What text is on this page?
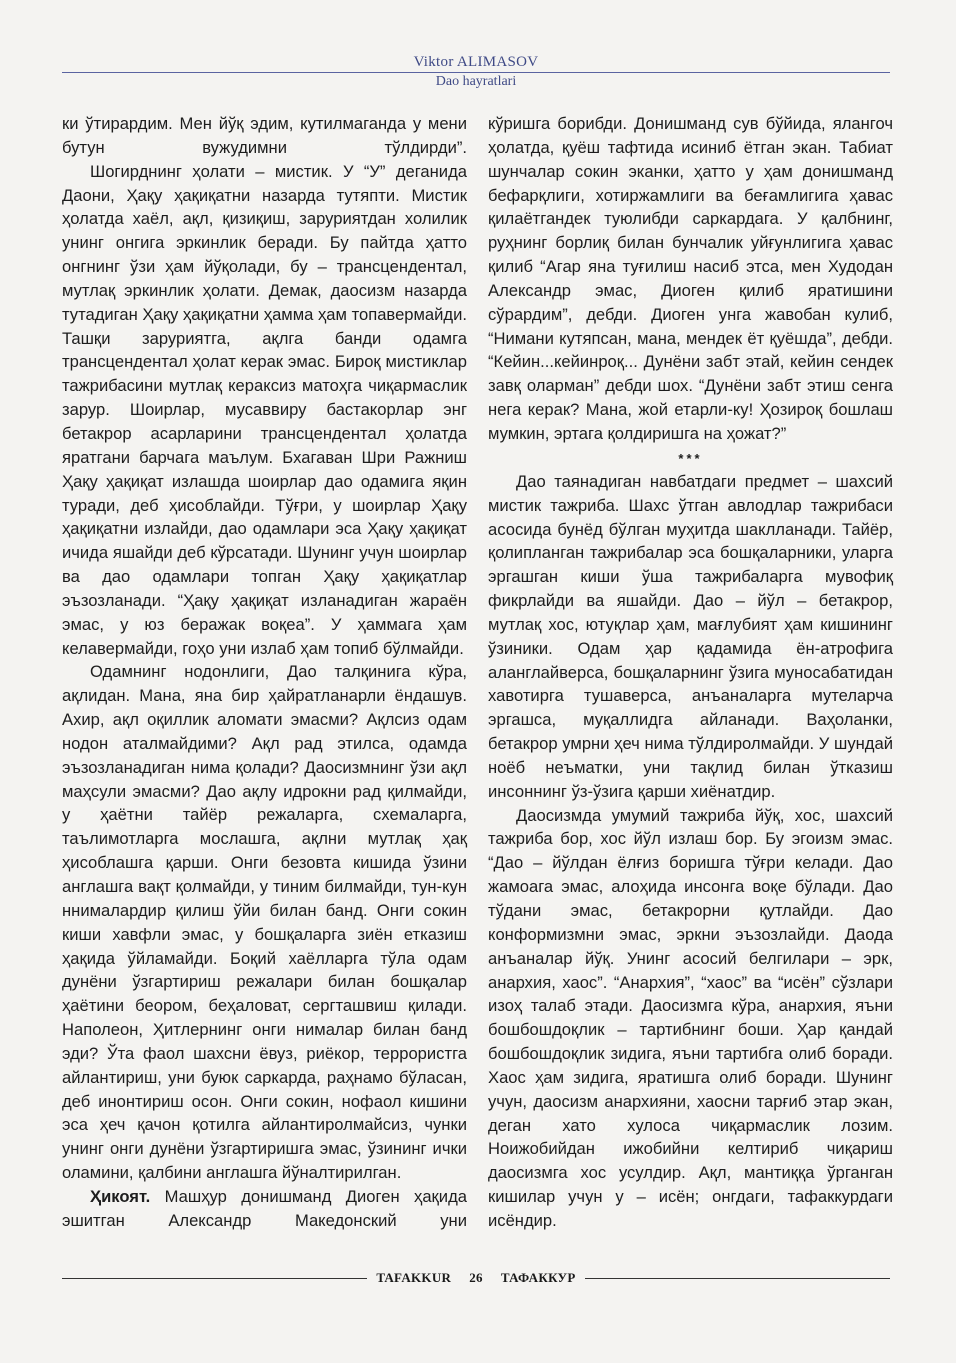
Viktor ALIMASOV
Dao hayratlari

ки ўтирардим. Мен йўқ эдим, кутилмаганда у мени бутун вужудимни тўлдирди”.

Шогирднинг ҳолати – мистик. У “У” деганида Даони, Ҳақу ҳақиқатни назарда тутяпти. Мистик ҳолатда хаёл, ақл, қизиқиш, заруриятдан холилик унинг онгига эркинлик беради. Бу пайтда ҳатто онгнинг ўзи ҳам йўқолади, бу – трансцендентал, мутлақ эркинлик ҳолати. Демак, даосизм назарда тутадиган Ҳақу ҳақиқатни ҳамма ҳам топавермайди. Ташқи заруриятга, ақлга банди одамга трансцендентал ҳолат керак эмас. Бироқ мистиклар тажрибасини мутлақ кераксиз матоҳга чиқармаслик зарур. Шоирлар, мусаввиру бастакорлар энг бетакрор асарларини трансцендентал ҳолатда яратгани барчага маълум. Бхагаван Шри Ражниш Ҳақу ҳақиқат излашда шоирлар дао одамига яқин туради, деб ҳисоблайди. Тўғри, у шоирлар Ҳақу ҳақиқатни излайди, дао одамлари эса Ҳақу ҳақиқат ичида яшайди деб кўрсатади. Шунинг учун шоирлар ва дао одамлари топган Ҳақу ҳақиқатлар эъзозланади. “Ҳақу ҳақиқат изланадиган жараён эмас, у юз беражак воқеа”. У ҳаммага ҳам келавермайди, гоҳо уни излаб ҳам топиб бўлмайди.

Одамнинг нодонлиги, Дао талқинига кўра, ақлидан. Мана, яна бир ҳайратланарли ёндашув. Ахир, ақл оқиллик аломати эмасми? Ақлсиз одам нодон аталмайдими? Ақл рад этилса, одамда эъзозланадиган нима қолади? Даосизмнинг ўзи ақл маҳсули эмасми? Дао ақлу идрокни рад қилмайди, у ҳаётни тайёр режаларга, схемаларга, таълимотларга мослашга, ақлни мутлақ ҳақ ҳисоблашга қарши. Онги безовта кишида ўзини англашга вақт қолмайди, у тиним билмайди, тун-кун ннималардир қилиш ўйи билан банд. Онги сокин киши хавфли эмас, у бошқаларга зиён етказиш ҳақида ўйламайди. Боқий хаёлларга тўла одам дунёни ўзгартириш режалари билан бошқалар ҳаётини беором, беҳаловат, сергташвиш қилади. Наполеон, Ҳитлернинг онги нималар билан банд эди? Ўта фаол шахсни ёвуз, риёкор, террористга айлантириш, уни буюк саркарда, раҳнамо бўласан, деб инонтириш осон. Онги сокин, нофаол кишини эса ҳеч қачон қотилга айлантиролмайсиз, чунки унинг онги дунёни ўзгартиришга эмас, ўзининг ички оламини, қалбини англашга йўналтирилган.

Ҳикоят. Машҳур донишманд Диоген ҳақида эшитган Александр Македонский уни

кўришга борибди. Донишманд сув бўйида, ялангоч ҳолатда, қуёш тафтида исиниб ётган экан. Табиат шунчалар сокин эканки, ҳатто у ҳам донишманд бефарқлиги, хотиржамлиги ва беғамлигига ҳавас қилаётгандек туюлибди саркардага. У қалбнинг, руҳнинг борлиқ билан бунчалик уйғунлигига ҳавас қилиб “Агар яна туғилиш насиб этса, мен Худодан Александр эмас, Диоген қилиб яратишини сўрардим”, дебди. Диоген унга жавобан кулиб, “Нимани кутяпсан, мана, мендек ёт қуёшда”, дебди. “Кейин...кейинроқ... Дунёни забт этай, кейин сендек завқ оларман” дебди шох. “Дунёни забт этиш сенга нега керак? Мана, жой етарли-ку! Ҳозироқ бошлаш мумкин, эртага қолдиришга на ҳожат?”

***

Дао таянадиган навбатдаги предмет – шахсий мистик тажриба. Шахс ўтган авлодлар тажрибаси асосида бунёд бўлган муҳитда шаклланади. Тайёр, қолипланган тажрибалар эса бошқаларники, уларга эргашган киши ўша тажрибаларга мувофиқ фикрлайди ва яшайди. Дао – йўл – бетакрор, мутлақ хос, ютуқлар ҳам, мағлубият ҳам кишининг ўзиники. Одам ҳар қадамида ён-атрофига аланглайверса, бошқаларнинг ўзига муносабатидан хавотирга тушаверса, анъаналарга мутеларча эргашса, муқаллидга айланади. Ваҳоланки, бетакрор умрни ҳеч нима тўлдиролмайди. У шундай ноёб неъматки, уни тақлид билан ўтказиш инсоннинг ўз-ўзига қарши хиёнатдир.

Даосизмда умумий тажриба йўқ, хос, шахсий тажриба бор, хос йўл излаш бор. Бу эгоизм эмас. “Дао – йўлдан ёлғиз боришга тўғри келади. Дао жамоага эмас, алоҳида инсонга воқе бўлади. Дао тўдани эмас, бетакрорни қутлайди. Дао конформизмни эмас, эркни эъзозлайди. Даода анъаналар йўқ. Унинг асосий белгилари – эрк, анархия, хаос”. “Анархия”, “хаос” ва “исён” сўзлари изоҳ талаб этади. Даосизмга кўра, анархия, яъни бошбошдоқлик – тартибнинг боши. Ҳар қандай бошбошдоқлик зидига, яъни тартибга олиб боради. Хаос ҳам зидига, яратишга олиб боради. Шунинг учун, даосизм анархияни, хаосни тарғиб этар экан, деган хато хулоса чиқармаслик лозим. Ноижобийдан ижобийни келтириб чиқариш даосизмга хос усулдир. Ақл, мантиққа ўрганган кишилар учун у – исён; онгдаги, тафаккурдаги исёндир.

TAFAKKUR	26	ТАФАККУР
